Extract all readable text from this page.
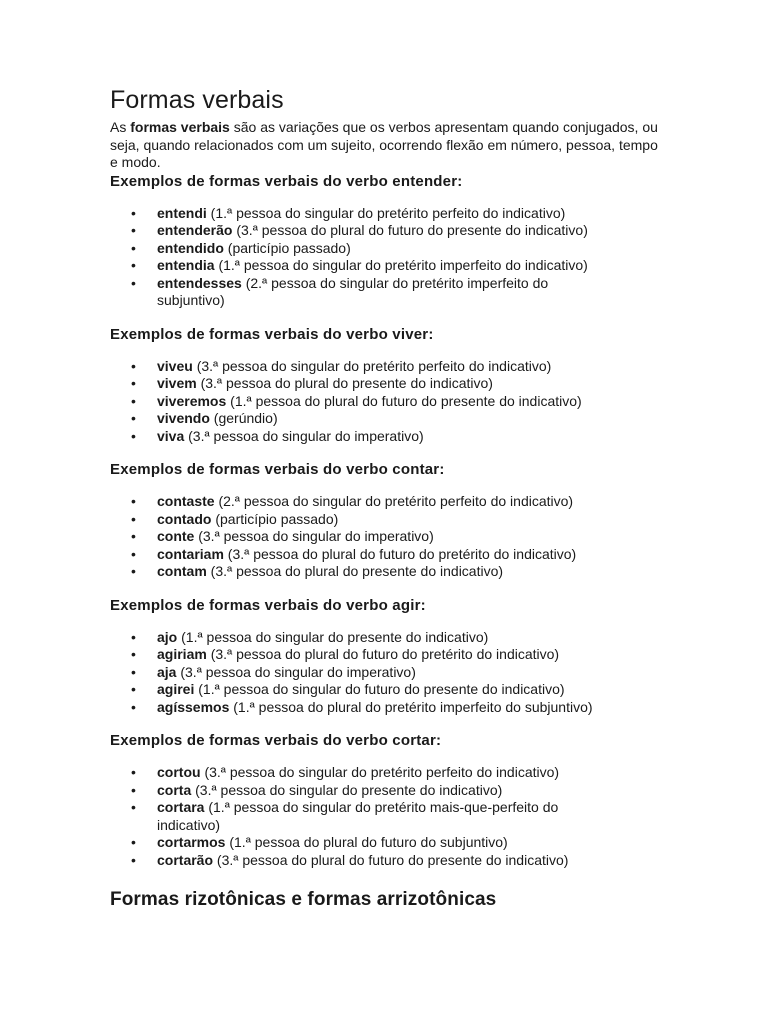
Formas verbais

As formas verbais são as variações que os verbos apresentam quando conjugados, ou seja, quando relacionados com um sujeito, ocorrendo flexão em número, pessoa, tempo e modo.

Exemplos de formas verbais do verbo entender:
• entendi (1.ª pessoa do singular do pretérito perfeito do indicativo)
• entenderão (3.ª pessoa do plural do futuro do presente do indicativo)
• entendido (particípio passado)
• entendia (1.ª pessoa do singular do pretérito imperfeito do indicativo)
• entendesses (2.ª pessoa do singular do pretérito imperfeito do subjuntivo)
Exemplos de formas verbais do verbo viver:
• viveu (3.ª pessoa do singular do pretérito perfeito do indicativo)
• vivem (3.ª pessoa do plural do presente do indicativo)
• viveremos (1.ª pessoa do plural do futuro do presente do indicativo)
• vivendo (gerúndio)
• viva (3.ª pessoa do singular do imperativo)
Exemplos de formas verbais do verbo contar:
• contaste (2.ª pessoa do singular do pretérito perfeito do indicativo)
• contado (particípio passado)
• conte (3.ª pessoa do singular do imperativo)
• contariam (3.ª pessoa do plural do futuro do pretérito do indicativo)
• contam (3.ª pessoa do plural do presente do indicativo)
Exemplos de formas verbais do verbo agir:
• ajo (1.ª pessoa do singular do presente do indicativo)
• agiriam (3.ª pessoa do plural do futuro do pretérito do indicativo)
• aja (3.ª pessoa do singular do imperativo)
• agirei (1.ª pessoa do singular do futuro do presente do indicativo)
• agíssemos (1.ª pessoa do plural do pretérito imperfeito do subjuntivo)
Exemplos de formas verbais do verbo cortar:
• cortou (3.ª pessoa do singular do pretérito perfeito do indicativo)
• corta (3.ª pessoa do singular do presente do indicativo)
• cortara (1.ª pessoa do singular do pretérito mais-que-perfeito do indicativo)
• cortarmos (1.ª pessoa do plural do futuro do subjuntivo)
• cortarão (3.ª pessoa do plural do futuro do presente do indicativo)
Formas rizotônicas e formas arrizotônicas
